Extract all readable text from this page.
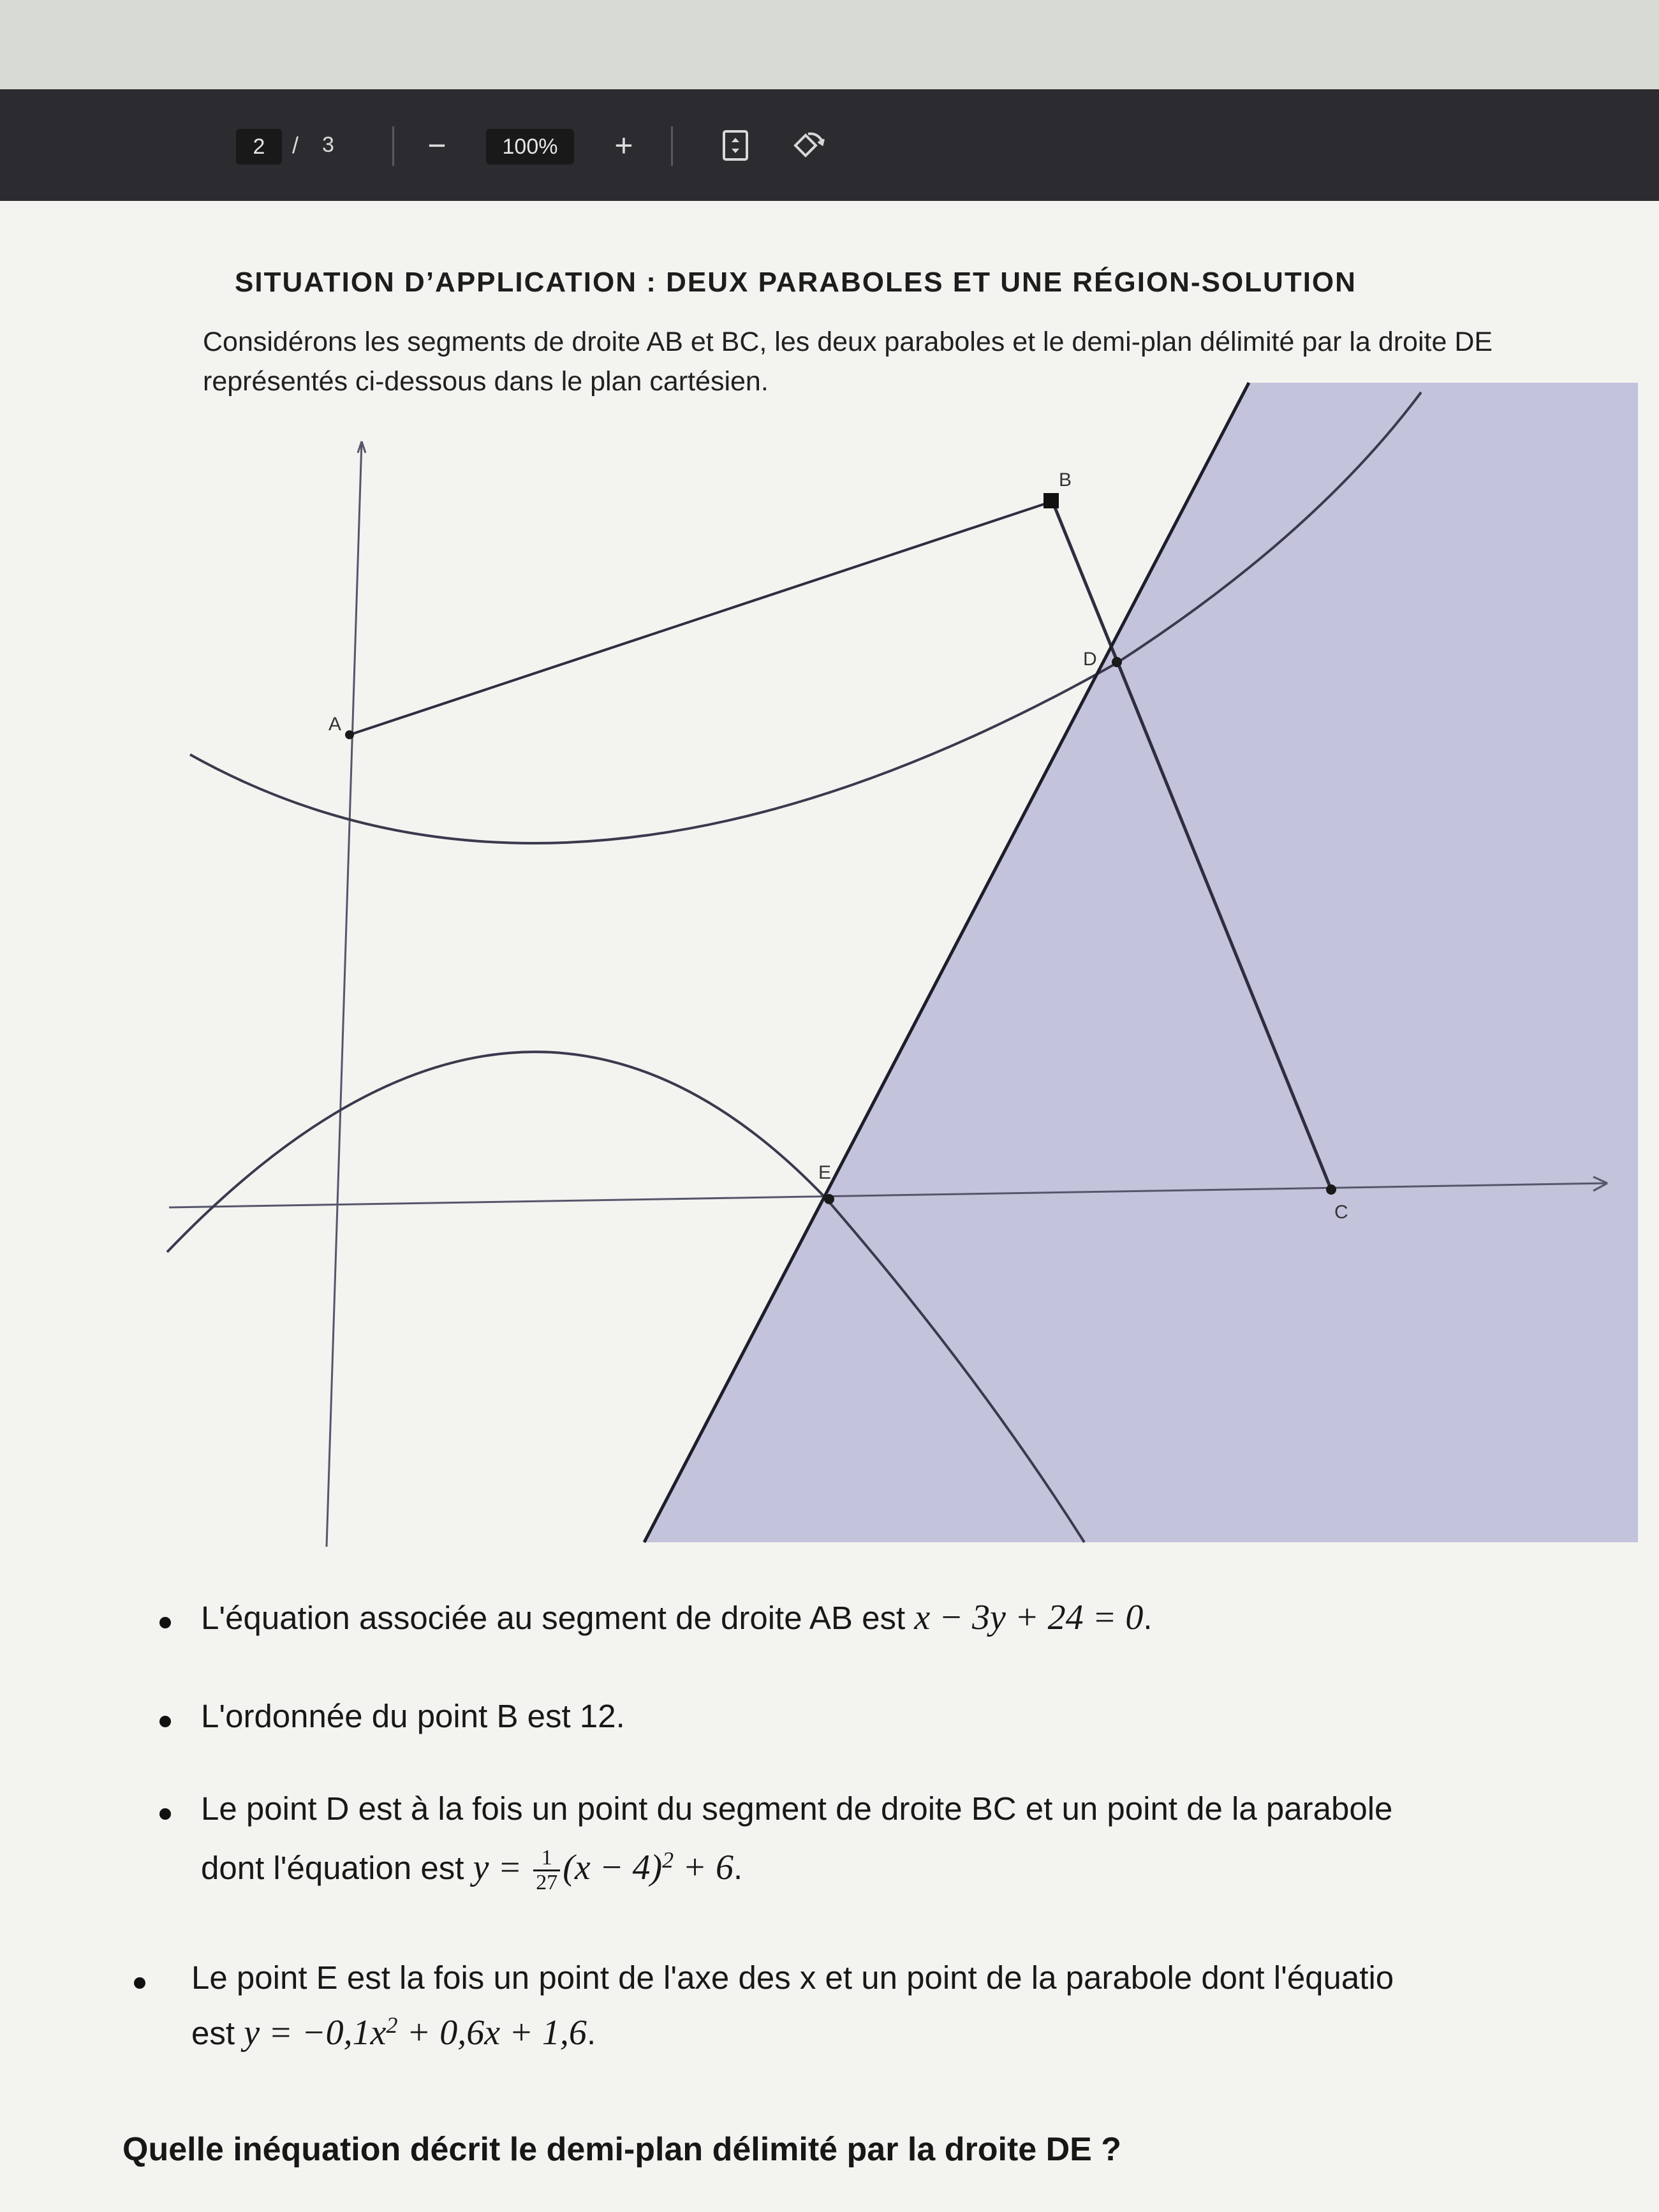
2	/ 3	−	100%	+
SITUATION D’APPLICATION : DEUX PARABOLES ET UNE RÉGION-SOLUTION

Considérons les segments de droite AB et BC, les deux paraboles et le demi-plan délimité par la droite DE représentés ci-dessous dans le plan cartésien.

A
B
C
D
E
L'équation associée au segment de droite AB est x − 3y + 24 = 0.
L'ordonnée du point B est 12.
Le point D est à la fois un point du segment de droite BC et un point de la parabole
dont l'équation est $y = \frac{1}{27} (x - 4)^2 + 6$.
Le point E est la fois un point de l'axe des x et un point de la parabole dont l'équatio
est $y = -0,1x^2 + 0,6x + 1,6$.

Quelle inéquation décrit le demi-plan délimité par la droite DE ?
